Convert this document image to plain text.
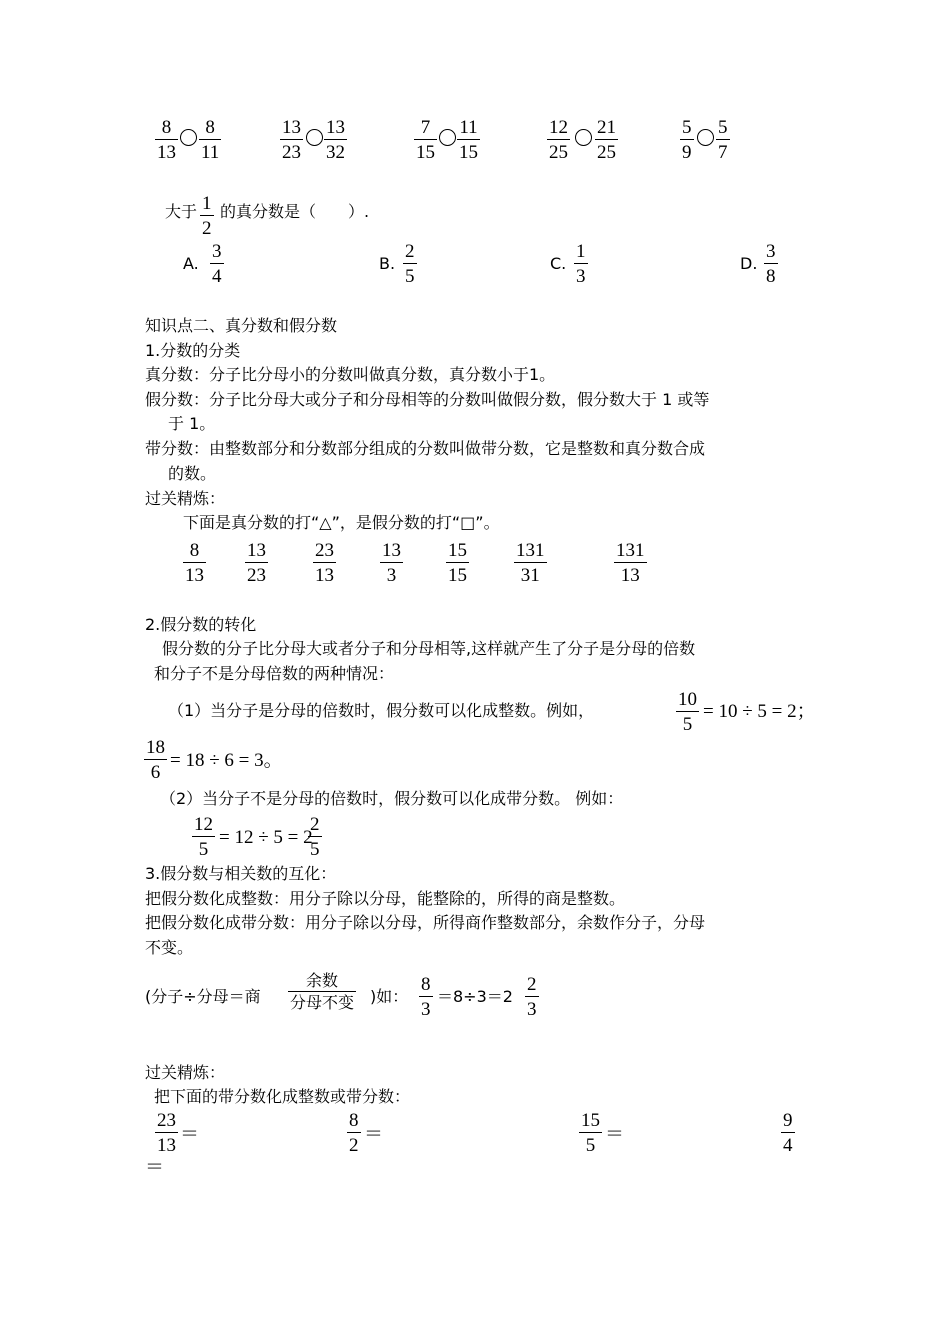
8
13
8
11
13
23
13
32
7
15
11
15
12
25
21
25
5
9
5
7
大于 1
2
的真分数是（　　）.
A.
3
4
B.
2
5
C.
1
3
D.
3
8
知识点二、真分数和假分数
1.分数的分类
真分数：分子比分母小的分数叫做真分数，真分数小于1。
假分数：分子比分母大或分子和分母相等的分数叫做假分数，假分数大于 1 或等
于 1。
带分数：由整数部分和分数部分组成的分数叫做带分数，它是整数和真分数合成
的数。
过关精炼：
下面是真分数的打“△”，是假分数的打“□”。
8
13
13
23
23
13
13
3
15
15
131
31
131
13
2.假分数的转化
假分数的分子比分母大或者分子和分母相等,这样就产生了分子是分母的倍数
和分子不是分母倍数的两种情况：
（1）当分子是分母的倍数时，假分数可以化成整数。例如，
10
5
= 10 ÷ 5 = 2；
18
6
= 18 ÷ 6 = 3。
（2）当分子不是分母的倍数时，假分数可以化成带分数。 例如：
12
5
= 12 ÷ 5 = 2
2
5
3.假分数与相关数的互化：
把假分数化成整数：用分子除以分母，能整除的，所得的商是整数。
把假分数化成带分数：用分子除以分母，所得商作整数部分，余数作分子，分母
不变。
(分子÷分母＝商
余数
分母不变 )如：
8
3
＝8÷3＝2
2
3
过关精炼：
把下面的带分数化成整数或带分数：
23
13
＝
8
2
＝
15
5
＝
9
4
＝
